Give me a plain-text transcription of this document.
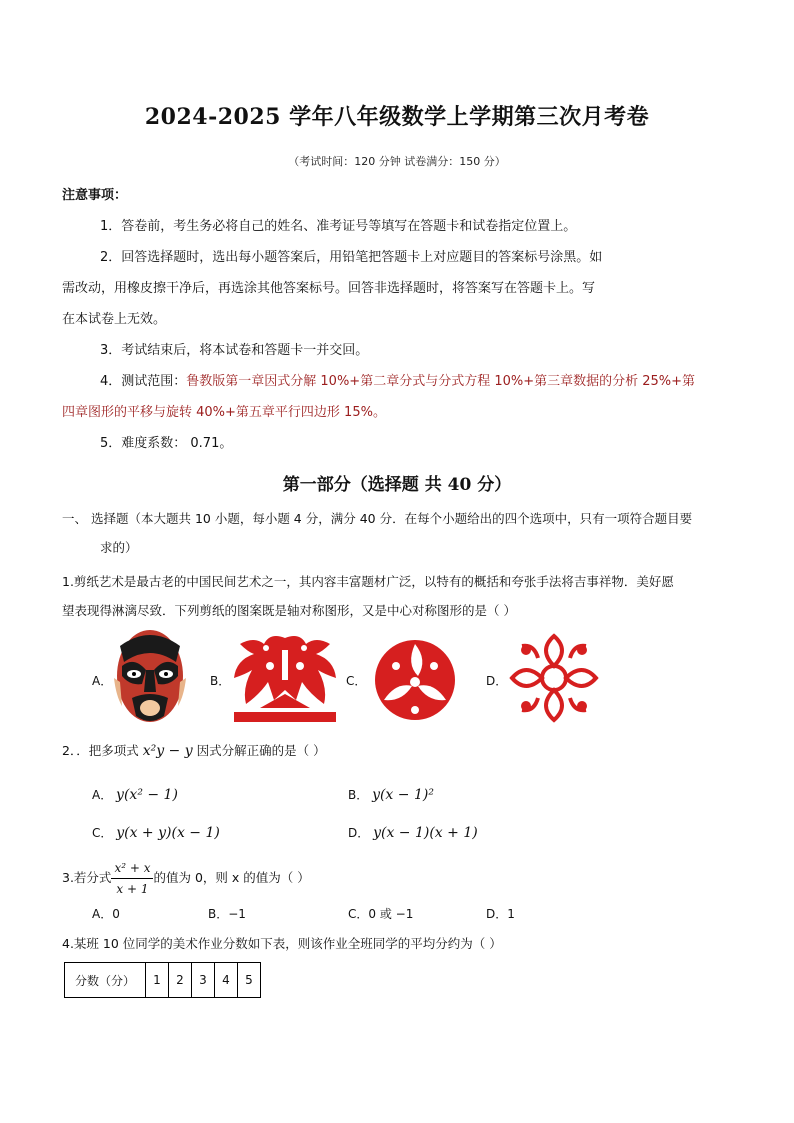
2024-2025 学年八年级数学上学期第三次月考卷
（考试时间：120 分钟 试卷满分：150 分）
注意事项：
1．答卷前，考生务必将自己的姓名、准考证号等填写在答题卡和试卷指定位置上。
2．回答选择题时，选出每小题答案后，用铅笔把答题卡上对应题目的答案标号涂黑。如
需改动，用橡皮擦干净后，再选涂其他答案标号。回答非选择题时，将答案写在答题卡上。写
在本试卷上无效。
3．考试结束后，将本试卷和答题卡一并交回。
4．测试范围：鲁教版第一章因式分解 10%+第二章分式与分式方程 10%+第三章数据的分析 25%+第
四章图形的平移与旋转 40%+第五章平行四边形 15%。
5．难度系数： 0.71。
第一部分（选择题 共 40 分）
一、 选择题（本大题共 10 小题，每小题 4 分，满分 40 分．在每个小题给出的四个选项中，只有一项符合题目要
求的）
1.剪纸艺术是最古老的中国民间艺术之一，其内容丰富题材广泛，以特有的概括和夸张手法将吉事祥物．美好愿
望表现得淋漓尽致．下列剪纸的图案既是轴对称图形，又是中心对称图形的是（ ）
A．	B．	C．	D．
2．．把多项式 x²y − y 因式分解正确的是（ ）
A． y(x² − 1)	B． y(x − 1)²
C． y(x + y)(x − 1)	D． y(x − 1)(x + 1)
3.若分式 $\frac{\text{x² + x}}{x + 1}$ 的值为 0，则 x 的值为（ ）
A．0	B．−1	C．0 或 −1	D．1
4.某班 10 位同学的美术作业分数如下表，则该作业全班同学的平均分约为（ ）
分数（分）	1	2	3	4	5
